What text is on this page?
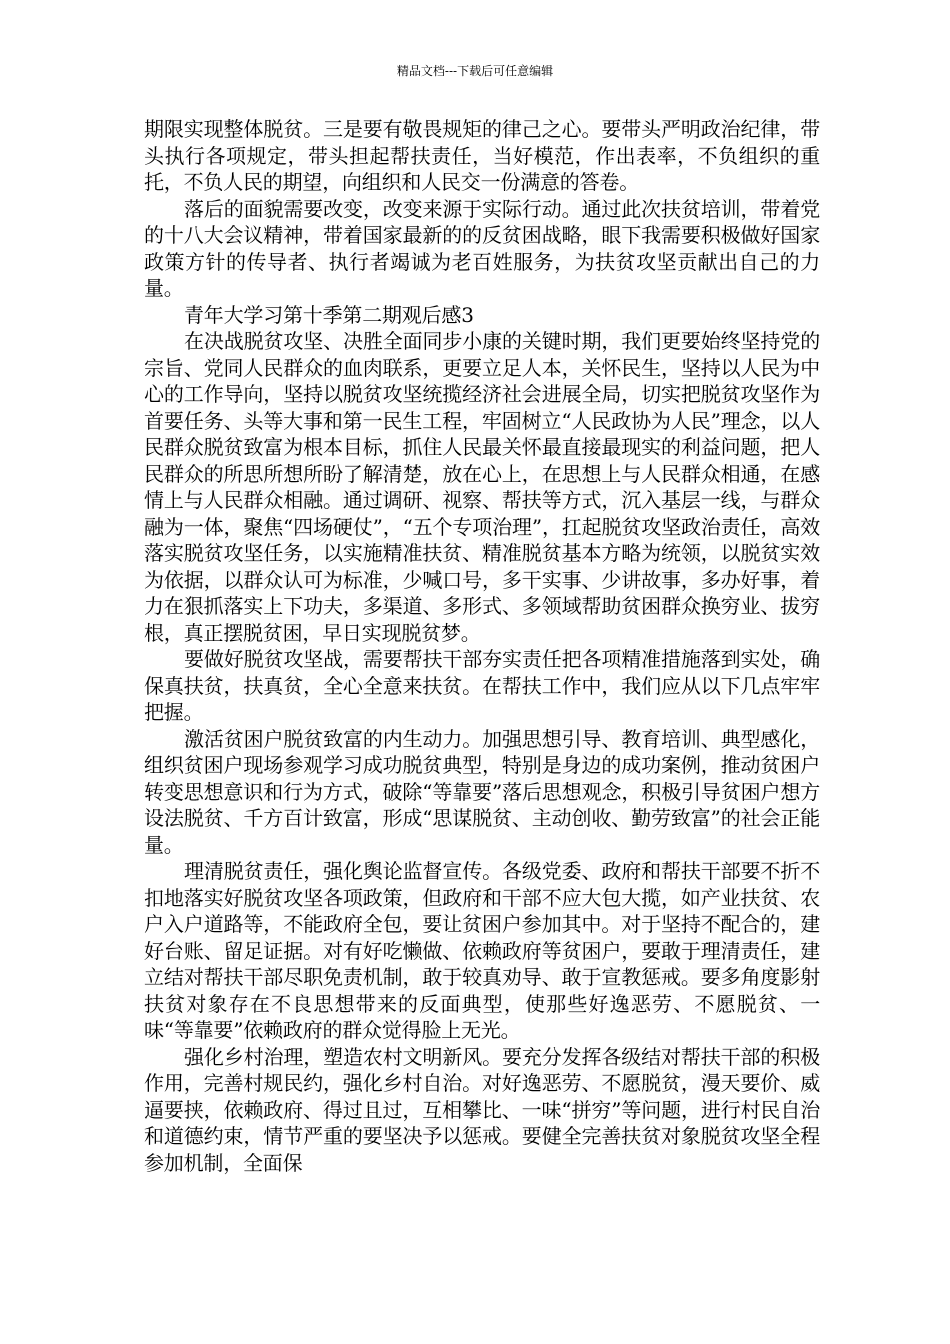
精品文档---下载后可任意编辑

期限实现整体脱贫。三是要有敬畏规矩的律己之心。要带头严明政治纪律，带头执行各项规定，带头担起帮扶责任，当好模范，作出表率，不负组织的重托，不负人民的期望，向组织和人民交一份满意的答卷。

落后的面貌需要改变，改变来源于实际行动。通过此次扶贫培训，带着党的十八大会议精神，带着国家最新的的反贫困战略，眼下我需要积极做好国家政策方针的传导者、执行者竭诚为老百姓服务，为扶贫攻坚贡献出自己的力量。

青年大学习第十季第二期观后感3

在决战脱贫攻坚、决胜全面同步小康的关键时期，我们更要始终坚持党的宗旨、党同人民群众的血肉联系，更要立足人本，关怀民生，坚持以人民为中心的工作导向，坚持以脱贫攻坚统揽经济社会进展全局，切实把脱贫攻坚作为首要任务、头等大事和第一民生工程，牢固树立“人民政协为人民”理念，以人民群众脱贫致富为根本目标，抓住人民最关怀最直接最现实的利益问题，把人民群众的所思所想所盼了解清楚，放在心上，在思想上与人民群众相通，在感情上与人民群众相融。通过调研、视察、帮扶等方式，沉入基层一线，与群众融为一体，聚焦“四场硬仗”，“五个专项治理”，扛起脱贫攻坚政治责任，高效落实脱贫攻坚任务，以实施精准扶贫、精准脱贫基本方略为统领，以脱贫实效为依据，以群众认可为标准，少喊口号，多干实事、少讲故事，多办好事，着力在狠抓落实上下功夫，多渠道、多形式、多领域帮助贫困群众换穷业、拔穷根，真正摆脱贫困，早日实现脱贫梦。

要做好脱贫攻坚战，需要帮扶干部夯实责任把各项精准措施落到实处，确保真扶贫，扶真贫，全心全意来扶贫。在帮扶工作中，我们应从以下几点牢牢把握。

激活贫困户脱贫致富的内生动力。加强思想引导、教育培训、典型感化，组织贫困户现场参观学习成功脱贫典型，特别是身边的成功案例，推动贫困户转变思想意识和行为方式，破除“等靠要”落后思想观念，积极引导贫困户想方设法脱贫、千方百计致富，形成“思谋脱贫、主动创收、勤劳致富”的社会正能量。

理清脱贫责任，强化舆论监督宣传。各级党委、政府和帮扶干部要不折不扣地落实好脱贫攻坚各项政策，但政府和干部不应大包大揽，如产业扶贫、农户入户道路等，不能政府全包，要让贫困户参加其中。对于坚持不配合的，建好台账、留足证据。对有好吃懒做、依赖政府等贫困户，要敢于理清责任，建立结对帮扶干部尽职免责机制，敢于较真劝导、敢于宣教惩戒。要多角度影射扶贫对象存在不良思想带来的反面典型，使那些好逸恶劳、不愿脱贫、一味“等靠要”依赖政府的群众觉得脸上无光。

强化乡村治理，塑造农村文明新风。要充分发挥各级结对帮扶干部的积极作用，完善村规民约，强化乡村自治。对好逸恶劳、不愿脱贫，漫天要价、威逼要挟，依赖政府、得过且过，互相攀比、一味“拼穷”等问题，进行村民自治和道德约束，情节严重的要坚决予以惩戒。要健全完善扶贫对象脱贫攻坚全程参加机制，全面保
